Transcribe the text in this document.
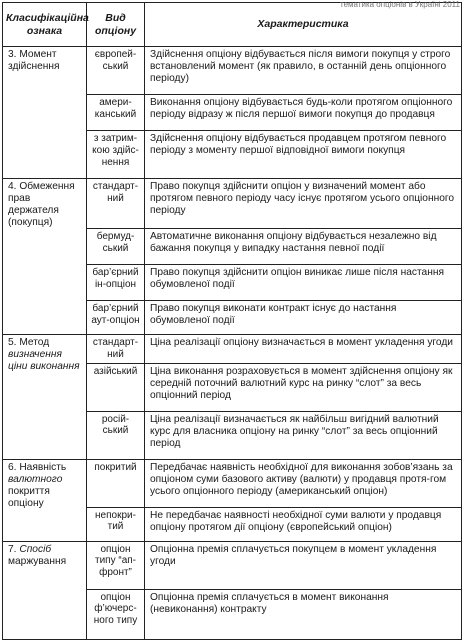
Класифікаційна ознака	Вид опціону	Характеристика
3. Момент здійснення	європей-ський	Здійснення опціону відбувається після вимоги покупця у строго встановлений момент (як правило, в останній день опціонного періоду)
	амери-канський	Виконання опціону відбувається будь-коли протягом опціонного періоду відразу ж після першої вимоги покупця до продавця
	з затрим-кою здійс-нення	Здійснення опціону відбувається продавцем протягом певного періоду з моменту першої відповідної вимоги покупця
4. Обмеження прав держателя (покупця)	стандарт-ний	Право покупця здійснити опціон у визначений момент або протягом певного періоду часу існує протягом усього опціонного періоду
	бермуд-ський	Автоматичне виконання опціону відбувається незалежно від бажання покупця у випадку настання певної події
	бар’єрний ін-опціон	Право покупця здійснити опціон виникає лише після настання обумовленої події
	бар’єрний аут-опціон	Право покупця виконати контракт існує до настання обумовленої події
5. Метод визначення ціни виконання	стандарт-ний	Ціна реалізації опціону визначається в момент укладення угоди
	азійський	Ціна виконання розраховується в момент здійснення опціону як середній поточний валютний курс на ринку “слот” за весь опціонний період
	росій-ський	Ціна реалізації визначається як найбільш вигідний валютний курс для власника опціону на ринку “слот” за весь опціонний період
6. Наявність валютного покриття опціону	покритий	Передбачає наявність необхідної для виконання зобов’язань за опціоном суми базового активу (валюти) у продавця протя-гом усього опціонного періоду (американський опціон)
	непокри-тий	Не передбачає наявності необхідної суми валюти у продавця опціону протягом дії опціону (європейський опціон)
7. Спосіб маржування	опціон типу “ап-фронт”	Опціонна премія сплачується покупцем в момент укладення угоди
	опціон ф’ючерс-ного типу	Опціонна премія сплачується в момент виконання (невиконання) контракту
тематика опціонів в Україні 2011
